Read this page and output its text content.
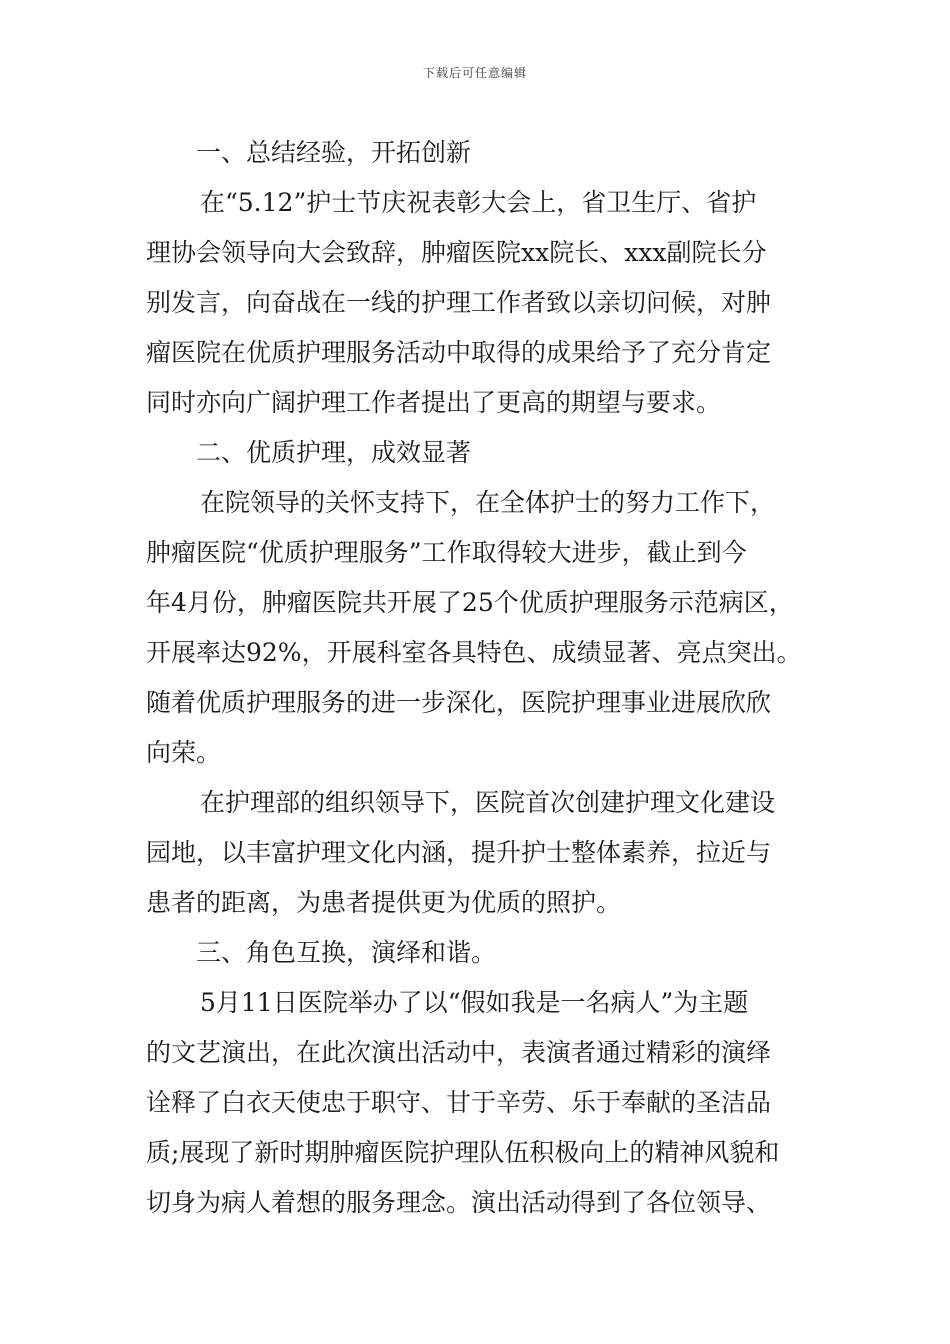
下载后可任意编辑
一、总结经验，开拓创新
在“5.12”护士节庆祝表彰大会上，省卫生厅、省护
理协会领导向大会致辞，肿瘤医院xx院长、xxx副院长分
别发言，向奋战在一线的护理工作者致以亲切问候，对肿
瘤医院在优质护理服务活动中取得的成果给予了充分肯定
同时亦向广阔护理工作者提出了更高的期望与要求。
二、优质护理，成效显著
在院领导的关怀支持下，在全体护士的努力工作下，
肿瘤医院“优质护理服务”工作取得较大进步，截止到今
年4月份，肿瘤医院共开展了25个优质护理服务示范病区，
开展率达92%，开展科室各具特色、成绩显著、亮点突出。
随着优质护理服务的进一步深化，医院护理事业进展欣欣
向荣。
在护理部的组织领导下，医院首次创建护理文化建设
园地，以丰富护理文化内涵，提升护士整体素养，拉近与
患者的距离，为患者提供更为优质的照护。
三、角色互换，演绎和谐。
5月11日医院举办了以“假如我是一名病人”为主题
的文艺演出，在此次演出活动中，表演者通过精彩的演绎
诠释了白衣天使忠于职守、甘于辛劳、乐于奉献的圣洁品
质;展现了新时期肿瘤医院护理队伍积极向上的精神风貌和
切身为病人着想的服务理念。演出活动得到了各位领导、
